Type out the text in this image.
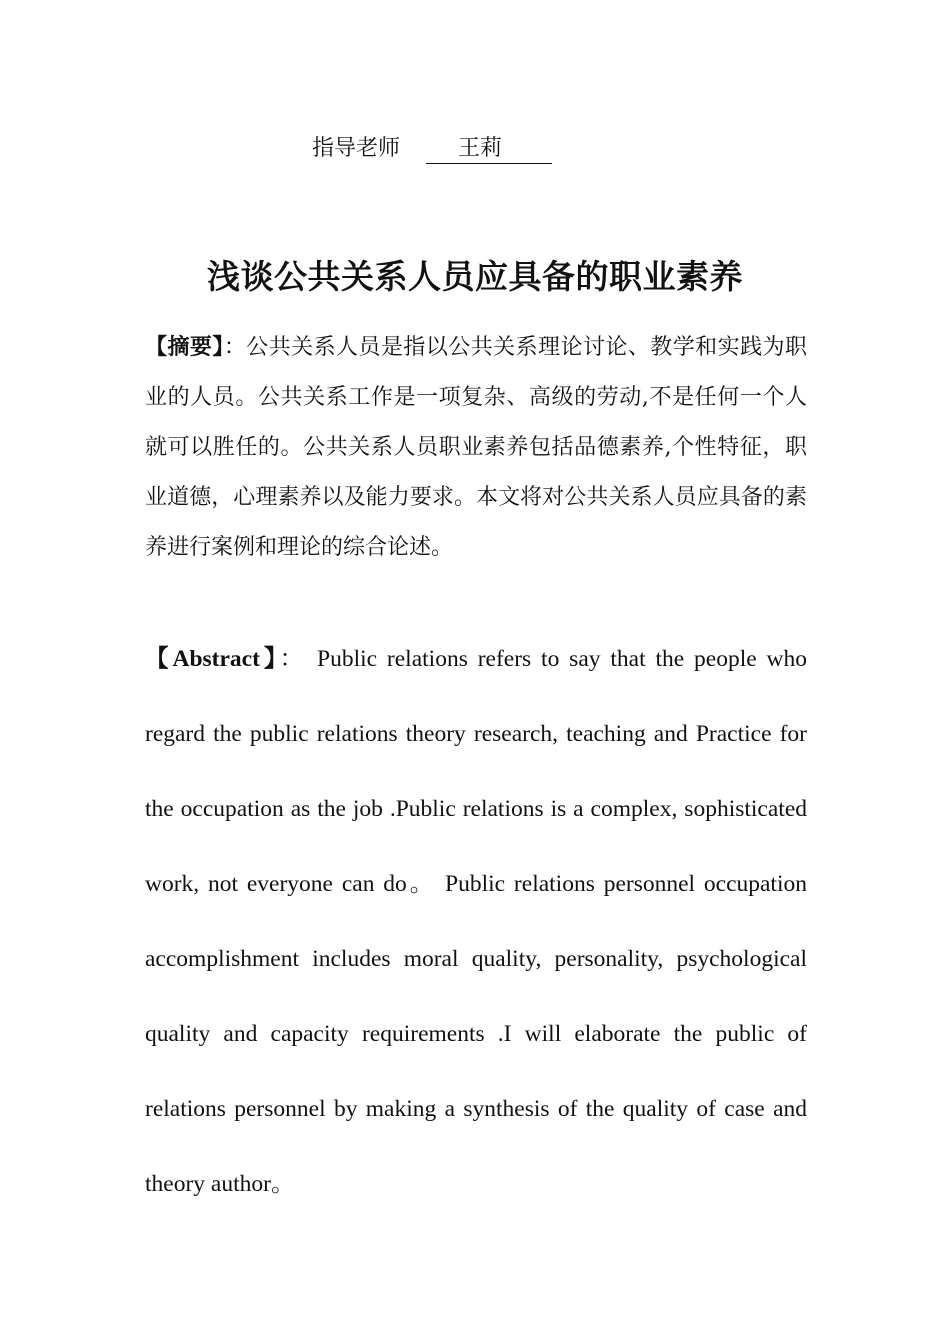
指导老师	王莉
浅谈公共关系人员应具备的职业素养
【摘要】：公共关系人员是指以公共关系理论讨论、教学和实践为职业的人员。公共关系工作是一项复杂、高级的劳动,不是任何一个人就可以胜任的。公共关系人员职业素养包括品德素养,个性特征，职业道德，心理素养以及能力要求。本文将对公共关系人员应具备的素养进行案例和理论的综合论述。
【Abstract】： Public relations refers to say that the people who regard the public relations theory research, teaching and Practice for the occupation as the job .Public relations is a complex, sophisticated work, not everyone can do。 Public relations personnel occupation accomplishment includes moral quality, personality, psychological quality and capacity requirements .I will elaborate the public of relations personnel by making a synthesis of the quality of case and theory author。
